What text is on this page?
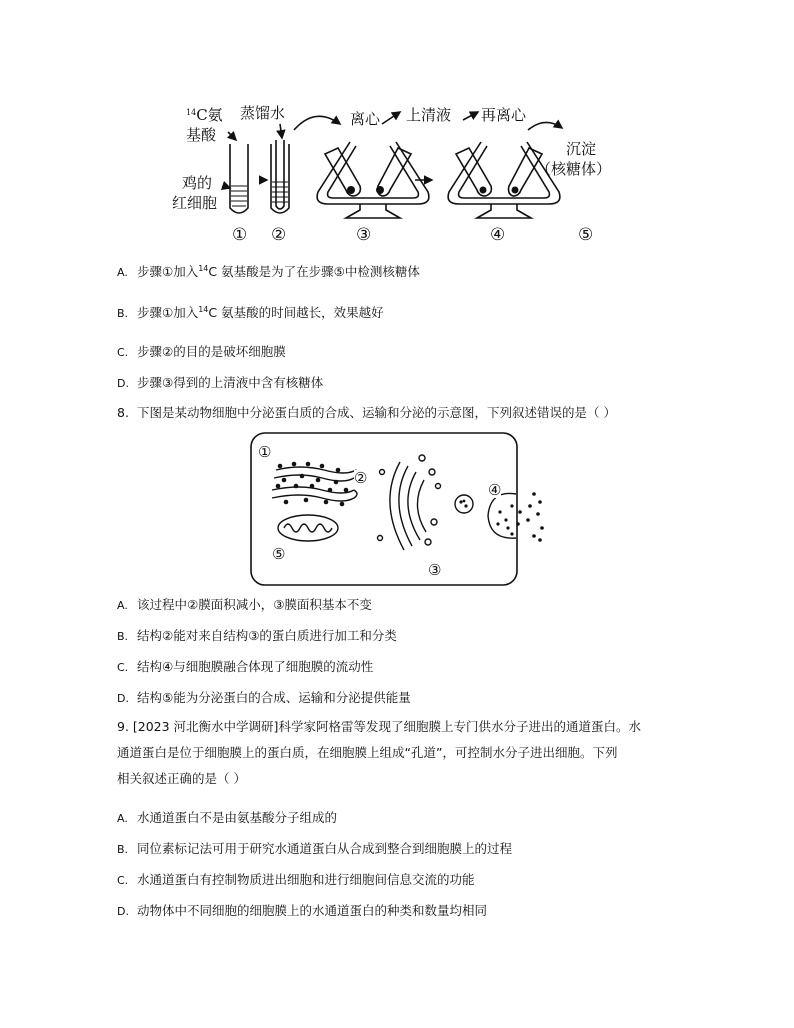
$^{14}$C氨
基酸
蒸馏水
鸡的
红细胞
离心 上清液 再离心
沉淀
（核糖体）
① ②	③	④	⑤
A. 步骤①加入$^{14}$C 氨基酸是为了在步骤⑤中检测核糖体
B. 步骤①加入$^{14}$C 氨基酸的时间越长，效果越好
C. 步骤②的目的是破坏细胞膜
D. 步骤③得到的上清液中含有核糖体
8. 下图是某动物细胞中分泌蛋白质的合成、运输和分泌的示意图，下列叙述错误的是（ ）
①
②
③
④
⑤
A. 该过程中②膜面积减小，③膜面积基本不变
B. 结构②能对来自结构③的蛋白质进行加工和分类
C. 结构④与细胞膜融合体现了细胞膜的流动性
D. 结构⑤能为分泌蛋白的合成、运输和分泌提供能量
9. [2023 河北衡水中学调研]科学家阿格雷等发现了细胞膜上专门供水分子进出的通道蛋白。水
通道蛋白是位于细胞膜上的蛋白质，在细胞膜上组成“孔道”，可控制水分子进出细胞。下列
相关叙述正确的是（ ）
A. 水通道蛋白不是由氨基酸分子组成的
B. 同位素标记法可用于研究水通道蛋白从合成到整合到细胞膜上的过程
C. 水通道蛋白有控制物质进出细胞和进行细胞间信息交流的功能
D. 动物体中不同细胞的细胞膜上的水通道蛋白的种类和数量均相同
